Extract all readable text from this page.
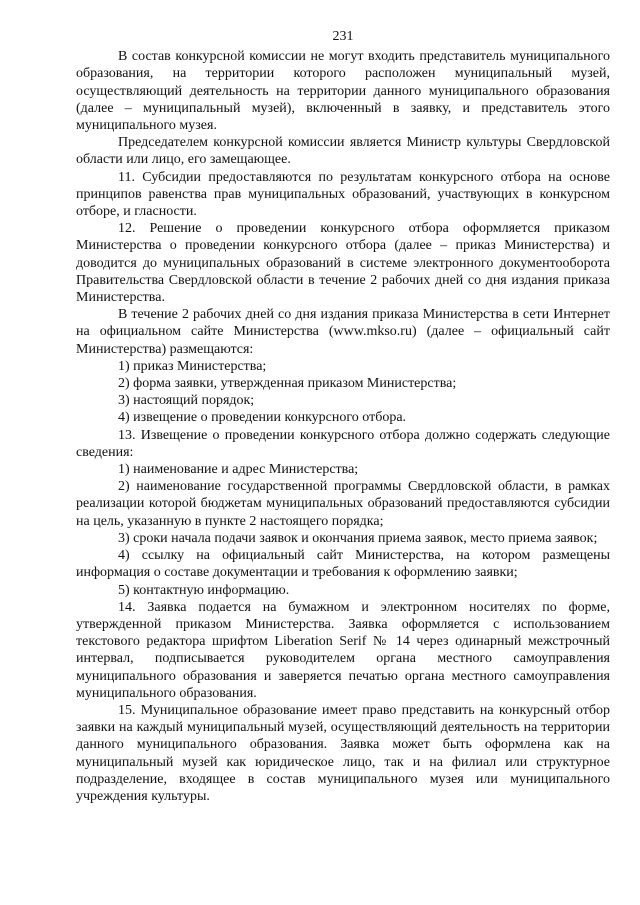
231

В состав конкурсной комиссии не могут входить представитель муниципального образования, на территории которого расположен муниципальный музей, осуществляющий деятельность на территории данного муниципального образования (далее – муниципальный музей), включенный в заявку, и представитель этого муниципального музея.

Председателем конкурсной комиссии является Министр культуры Свердловской области или лицо, его замещающее.

11. Субсидии предоставляются по результатам конкурсного отбора на основе принципов равенства прав муниципальных образований, участвующих в конкурсном отборе, и гласности.

12. Решение о проведении конкурсного отбора оформляется приказом Министерства о проведении конкурсного отбора (далее – приказ Министерства) и доводится до муниципальных образований в системе электронного документооборота Правительства Свердловской области в течение 2 рабочих дней со дня издания приказа Министерства.

В течение 2 рабочих дней со дня издания приказа Министерства в сети Интернет на официальном сайте Министерства (www.mkso.ru) (далее – официальный сайт Министерства) размещаются:

1) приказ Министерства;

2) форма заявки, утвержденная приказом Министерства;

3) настоящий порядок;

4) извещение о проведении конкурсного отбора.

13. Извещение о проведении конкурсного отбора должно содержать следующие сведения:

1) наименование и адрес Министерства;

2) наименование государственной программы Свердловской области, в рамках реализации которой бюджетам муниципальных образований предоставляются субсидии на цель, указанную в пункте 2 настоящего порядка;

3) сроки начала подачи заявок и окончания приема заявок, место приема заявок;

4) ссылку на официальный сайт Министерства, на котором размещены информация о составе документации и требования к оформлению заявки;

5) контактную информацию.

14. Заявка подается на бумажном и электронном носителях по форме, утвержденной приказом Министерства. Заявка оформляется с использованием текстового редактора шрифтом Liberation Serif № 14 через одинарный межстрочный интервал, подписывается руководителем органа местного самоуправления муниципального образования и заверяется печатью органа местного самоуправления муниципального образования.

15. Муниципальное образование имеет право представить на конкурсный отбор заявки на каждый муниципальный музей, осуществляющий деятельность на территории данного муниципального образования. Заявка может быть оформлена как на муниципальный музей как юридическое лицо, так и на филиал или структурное подразделение, входящее в состав муниципального музея или муниципального учреждения культуры.
